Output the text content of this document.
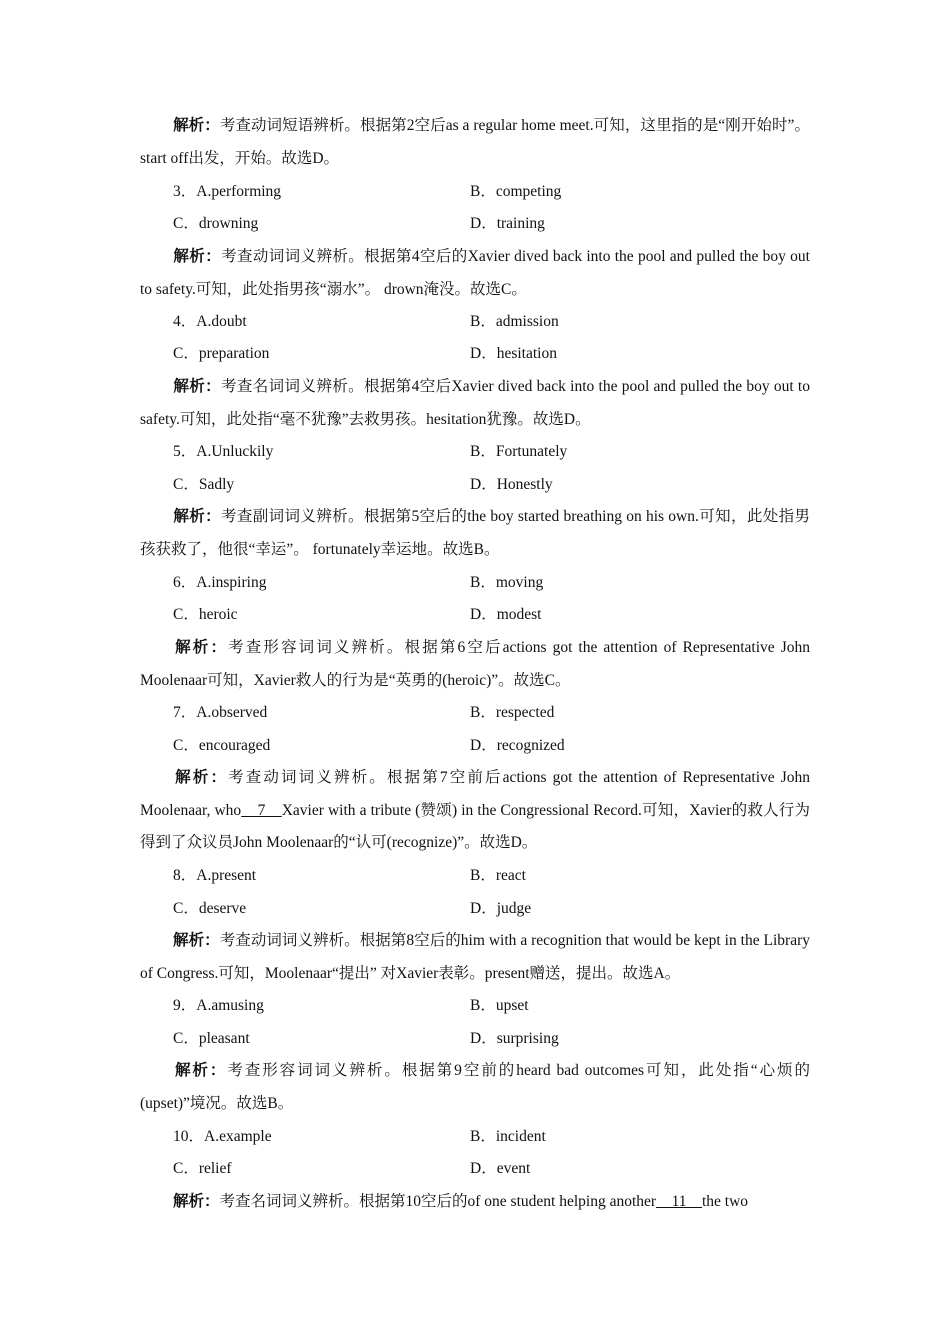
解析：考查动词短语辨析。根据第2空后as a regular home meet.可知，这里指的是“刚开始时”。 start off出发，开始。故选D。
3．A.performing	B．competing
C．drowning	D．training
解析：考查动词词义辨析。根据第4空后的Xavier dived back into the pool and pulled the boy out to safety.可知，此处指男孩“溺水”。 drown淹没。故选C。
4．A.doubt	B．admission
C．preparation	D．hesitation
解析：考查名词词义辨析。根据第4空后Xavier dived back into the pool and pulled the boy out to safety.可知，此处指“毫不犹豫”去救男孩。hesitation犹豫。故选D。
5．A.Unluckily	B．Fortunately
C．Sadly	D．Honestly
解析：考查副词词义辨析。根据第5空后的the boy started breathing on his own.可知，此处指男孩获救了，他很“幸运”。 fortunately幸运地。故选B。
6．A.inspiring	B．moving
C．heroic	D．modest
解析：考查形容词词义辨析。根据第6空后actions got the attention of Representative John Moolenaar可知，Xavier救人的行为是“英勇的(heroic)”。故选C。
7．A.observed	B．respected
C．encouraged	D．recognized
解析：考查动词词义辨析。根据第7空前后actions got the attention of Representative John Moolenaar, who 7 Xavier with a tribute (赞颂) in the Congressional Record.可知，Xavier的救人行为得到了众议员John Moolenaar的“认可(recognize)”。故选D。
8．A.present	B．react
C．deserve	D．judge
解析：考查动词词义辨析。根据第8空后的him with a recognition that would be kept in the Library of Congress.可知，Moolenaar“提出” 对Xavier表彰。present赠送，提出。故选A。
9．A.amusing	B．upset
C．pleasant	D．surprising
解析：考查形容词词义辨析。根据第9空前的heard bad outcomes可知，此处指“心烦的(upset)”境况。故选B。
10．A.example	B．incident
C．relief	D．event
解析：考查名词词义辨析。根据第10空后的of one student helping another 11 the two
